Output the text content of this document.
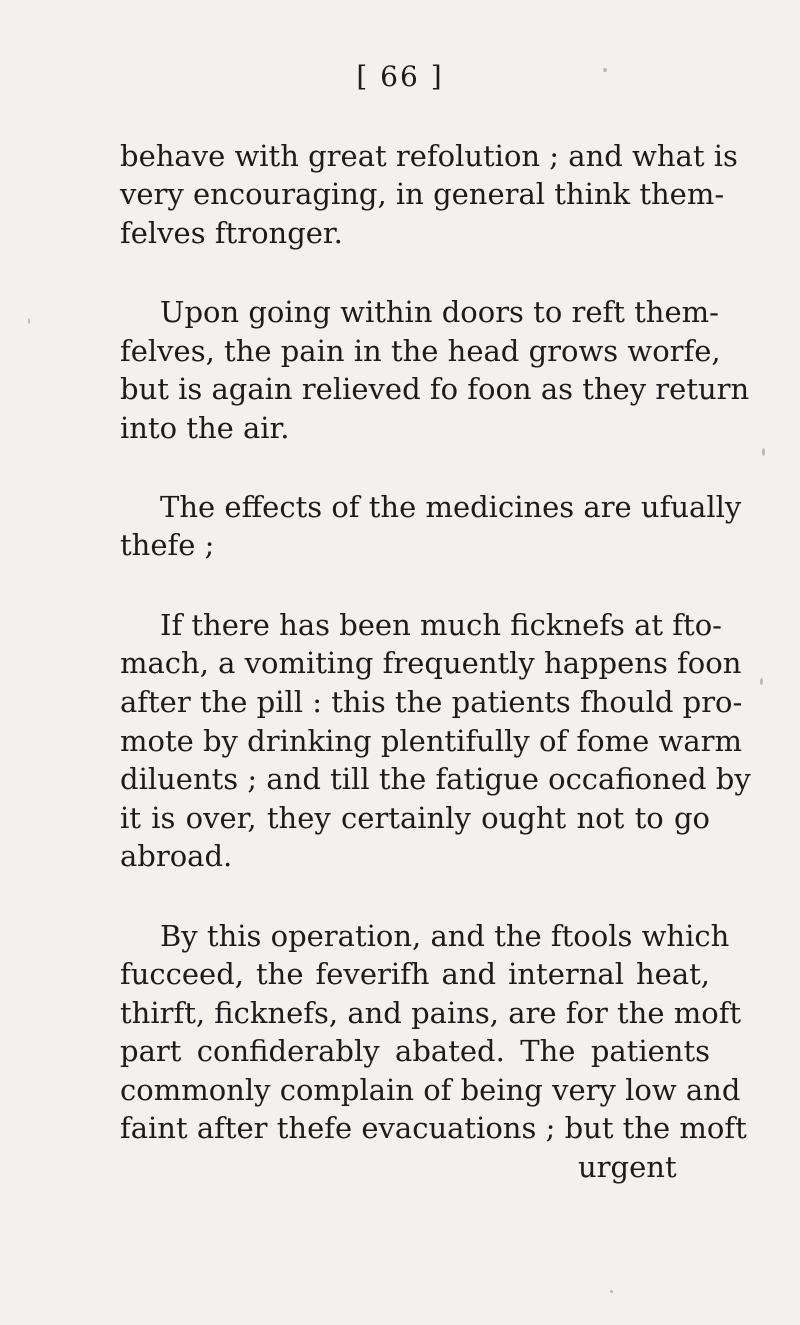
[ 66 ]
behave with great refolution ; and what is
very encouraging, in general think them-
felves ftronger.
Upon going within doors to reft them-
felves, the pain in the head grows worfe,
but is again relieved fo foon as they return
into the air.
The effects of the medicines are ufually
thefe ;
If there has been much ficknefs at fto-
mach, a vomiting frequently happens foon
after the pill : this the patients fhould pro-
mote by drinking plentifully of fome warm
diluents ; and till the fatigue occafioned by
it is over, they certainly ought not to go
abroad.
By this operation, and the ftools which
fucceed, the feverifh and internal heat,
thirft, ficknefs, and pains, are for the moft
part confiderably abated. The patients
commonly complain of being very low and
faint after thefe evacuations ; but the moft
urgent
